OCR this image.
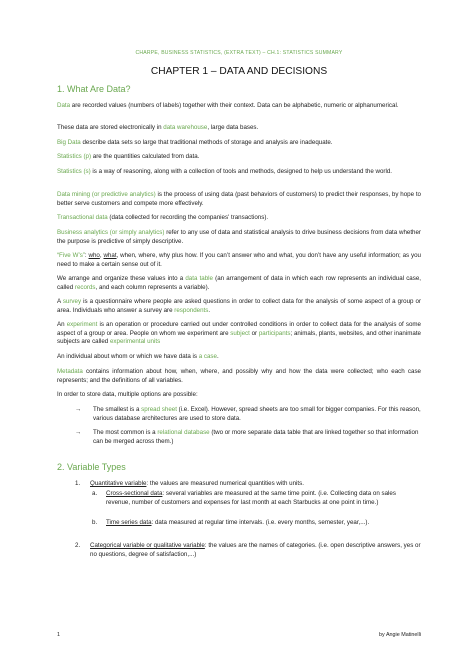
CHARPE, BUSINESS STATISTICS, (EXTRA TEXT) – CH.1: STATISTICS SUMMARY
CHAPTER 1 – DATA AND DECISIONS
1. What Are Data?

Data are recorded values (numbers of labels) together with their context. Data can be alphabetic, numeric or alphanumerical.

These data are stored electronically in data warehouse, large data bases.

Big Data describe data sets so large that traditional methods of storage and analysis are inadequate.

Statistics (p) are the quantities calculated from data.

Statistics (s) is a way of reasoning, along with a collection of tools and methods, designed to help us understand the world.

Data mining (or predictive analytics) is the process of using data (past behaviors of customers) to predict their responses, by hope to better serve customers and compete more effectively.

Transactional data (data collected for recording the companies' transactions).

Business analytics (or simply analytics) refer to any use of data and statistical analysis to drive business decisions from data whether the purpose is predictive of simply descriptive.

“Five W’s”: who, what, when, where, why plus how. If you can’t answer who and what, you don’t have any useful information; as you need to make a certain sense out of it.

We arrange and organize these values into a data table (an arrangement of data in which each row represents an individual case, called records, and each column represents a variable).

A survey is a questionnaire where people are asked questions in order to collect data for the analysis of some aspect of a group or area. Individuals who answer a survey are respondents.

An experiment is an operation or procedure carried out under controlled conditions in order to collect data for the analysis of some aspect of a group or area. People on whom we experiment are subject or participants; animals, plants, websites, and other inanimate subjects are called experimental units

An individual about whom or which we have data is a case.

Metadata contains information about how, when, where, and possibly why and how the data were collected; who each case represents; and the definitions of all variables.

In order to store data, multiple options are possible:

→ The smallest is a spread sheet (i.e. Excel). However, spread sheets are too small for bigger companies. For this reason, various database architectures are used to store data.
→ The most common is a relational database (two or more separate data table that are linked together so that information can be merged across them.)
2. Variable Types
1. Quantitative variable: the values are measured numerical quantities with units.
a. Cross-sectional data: several variables are measured at the same time point. (i.e. Collecting data on sales revenue, number of customers and expenses for last month at each Starbucks at one point in time.)
b. Time series data: data measured at regular time intervals. (i.e. every months, semester, year,...).
2. Categorical variable or qualitative variable: the values are the names of categories. (i.e. open descriptive answers, yes or no questions, degree of satisfaction,...)
1	by Angie Matinelli
